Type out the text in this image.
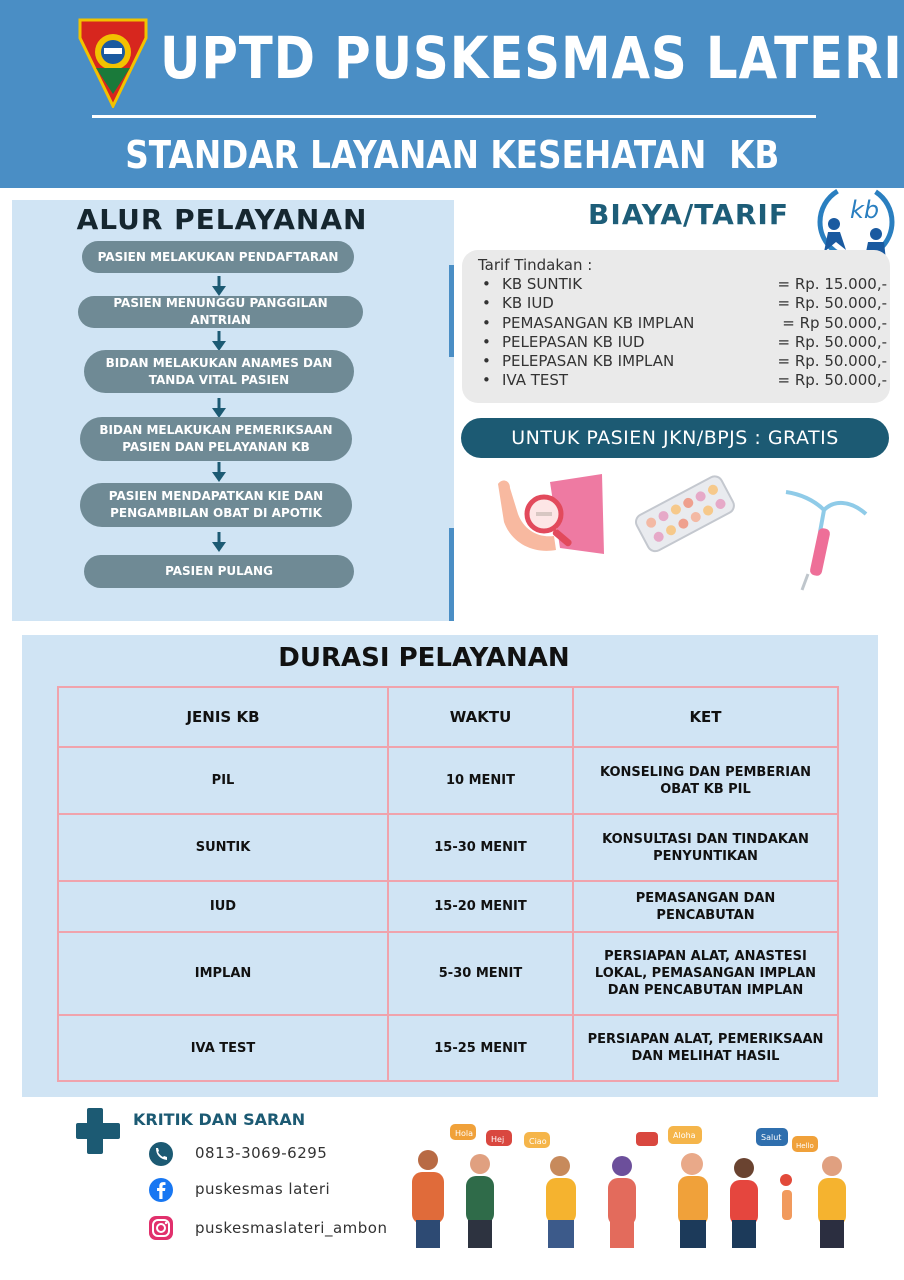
UPTD PUSKESMAS LATERI
STANDAR LAYANAN KESEHATAN  KB
ALUR PELAYANAN
PASIEN MELAKUKAN PENDAFTARAN
PASIEN MENUNGGU PANGGILAN ANTRIAN
BIDAN MELAKUKAN ANAMES DAN TANDA VITAL PASIEN
BIDAN MELAKUKAN PEMERIKSAAN PASIEN DAN PELAYANAN KB
PASIEN MENDAPATKAN KIE DAN PENGAMBILAN OBAT DI APOTIK
PASIEN PULANG
BIAYA/TARIF	kb
Tarif Tindakan :
• KB SUNTIK	= Rp. 15.000,-
• KB IUD	= Rp. 50.000,-
• PEMASANGAN KB IMPLAN	= Rp 50.000,-
• PELEPASAN KB IUD	= Rp. 50.000,-
• PELEPASAN KB IMPLAN	= Rp. 50.000,-
• IVA TEST	= Rp. 50.000,-
UNTUK PASIEN JKN/BPJS : GRATIS
DURASI PELAYANAN
JENIS KB	WAKTU	KET
PIL	10 MENIT	KONSELING DAN PEMBERIAN OBAT KB PIL
SUNTIK	15-30 MENIT	KONSULTASI DAN TINDAKAN PENYUNTIKAN
IUD	15-20 MENIT	PEMASANGAN DAN PENCABUTAN
IMPLAN	5-30 MENIT	PERSIAPAN ALAT, ANASTESI LOKAL, PEMASANGAN IMPLAN DAN PENCABUTAN IMPLAN
IVA TEST	15-25 MENIT	PERSIAPAN ALAT, PEMERIKSAAN DAN MELIHAT HASIL
KRITIK DAN SARAN
0813-3069-6295
puskesmas lateri
puskesmaslateri_ambon
Hola
Hej	Ciao
Aloha	Salut
Hello
